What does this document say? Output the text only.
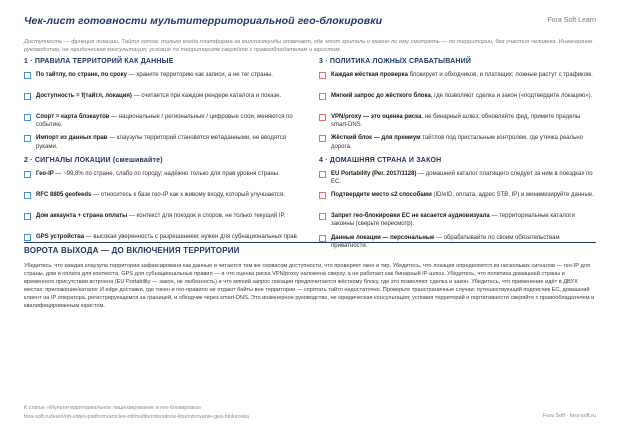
Чек-лист готовности мультитерриториальной гео-блокировки	Fora Soft Learn
Доступность — функция локации. Тайтл готов, только когда платформа за миллисекунды отвечает, где этот зритель и можно ли ему смотреть — по территории, без участия человека. Инженерное руководство, не юридическая консультация; условия по территориям сверяйте с правообладателем и юристом.
1 · ПРАВИЛА ТЕРРИТОРИЙ КАК ДАННЫЕ
По тайтлу, по стране, по сроку — храните территорию как записи, а не тег страны.
Доступность = f(тайтл, локация) — считается при каждом рендере каталога и показе.
Спорт = карта блэкаутов — национальные / региональные / цифровые слои, меняются по событию.
Импорт из данных прав — клаузулы территорий становятся метаданными, не вводятся руками.
2 · СИГНАЛЫ ЛОКАЦИИ (смешивайте)
Гео-IP — ~99,8% по стране, слабо по городу; надёжно только для прав уровня страны.
RFC 8805 geofeeds — относитесь к базе гео-IP как к живому входу, который улучшается.
Дом аккаунта + страна оплаты — контекст для поездок и споров, не только текущий IP.
GPS устройства — высокая уверенность с разрешением; нужен для субнациональных прав.
3 · ПОЛИТИКА ЛОЖНЫХ СРАБАТЫВАНИЙ
Каждая жёсткая проверка блокирует и обходчиков, и платящих; ложные растут с трафиком.
Мягкий запрос до жёсткого блока, где позволяют сделка и закон («подтвердите локацию»).
VPN/proxy — это оценка риска, не бинарный шлюз; обновляйте фид, примите пределы smart-DNS.
Жёсткий блок — для премиум тайтлов под пристальным контролем, где утечка реально дорога.
4 · ДОМАШНЯЯ СТРАНА И ЗАКОН
EU Portability (Рег. 2017/1128) — домашний каталог платящего следует за ним в поездках по ЕС.
Подтвердите место ≤2 способами (ID/eID, оплата, адрес STB, IP) и минимизируйте данные.
Запрет гео-блокировки ЕС не касается аудиовизуала — территориальные каталоги законны (сверьте пересмотр).
Данные локации — персональные — обрабатывайте по своим обязательствам приватности.
ВОРОТА ВЫХОДА — ДО ВКЛЮЧЕНИЯ ТЕРРИТОРИИ
Убедитесь, что каждая клаузула территории зафиксирована как данные и читается тем же сервисом доступности, что проверяет окно и тир. Убедитесь, что локация определяется из нескольких сигналов — гео-IP для страны, дом и оплата для контекста, GPS для субнациональных правил — и что оценка риска VPN/proxy наложена сверху, а не работает как бинарный IP-шлюз. Убедитесь, что политика домашней страны и временного присутствия встроена (EU Portability — закон, не любезность) и что мягкий запрос локации предпочитается жёсткому блоку, где это позволяют сделка и закон. Убедитесь, что применение идёт в ДВУХ местах: приложение/каталог И edge доставки, где токен и гео-правило не отдают байты вне территории — спрятать тайтл недостаточно. Проверьте трансграничные случаи: путешествующий подписчик ЕС, домашний клиент на IP оператора, регистрирующемся за границей, и обходчик через smart-DNS. Это инженерное руководство, не юридическая консультация; условия территорий и портативности сверяйте с правообладателем и квалифицированным юристом.
К статье «Мультитерриториальное лицензирование и гео-блокировка»
fora-soft.ru/learn/ott-video-platform/articles-ott/multiterritorialnoe-litsenzirovanie-geo-blokirovka	Fora Soft · fora-soft.ru
